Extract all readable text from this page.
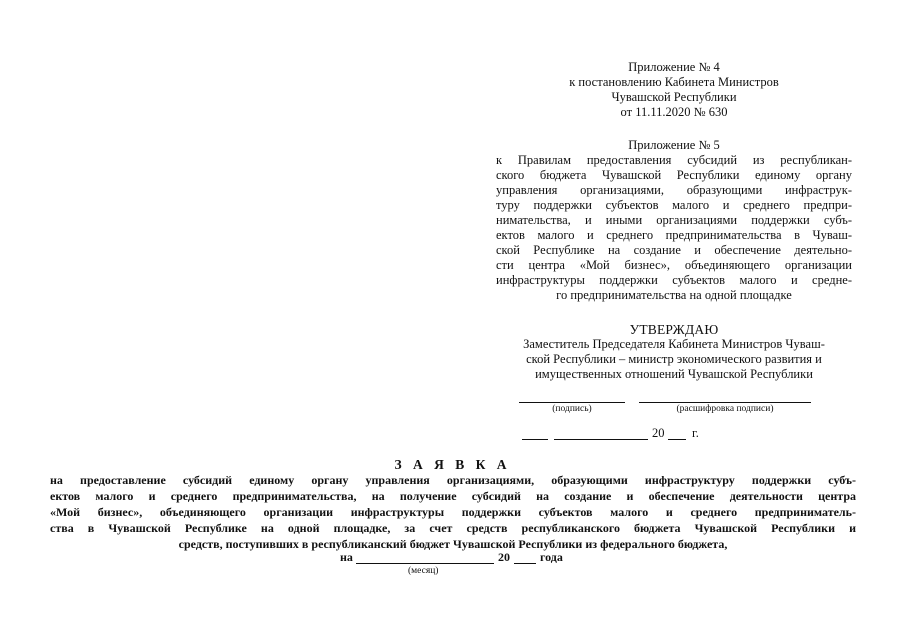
Приложение № 4
к постановлению Кабинета Министров
Чувашской Республики
от 11.11.2020 № 630
Приложение № 5
к Правилам предоставления субсидий из республикан-
ского бюджета Чувашской Республики единому органу
управления организациями, образующими инфраструк-
туру поддержки субъектов малого и среднего предпри-
нимательства, и иными организациями поддержки субъ-
ектов малого и среднего предпринимательства в Чуваш-
ской Республике на создание и обеспечение деятельно-
сти центра «Мой бизнес», объединяющего организации
инфраструктуры поддержки субъектов малого и средне-
го предпринимательства на одной площадке
УТВЕРЖДАЮ
Заместитель Председателя Кабинета Министров Чуваш-
ской Республики – министр экономического развития и
имущественных отношений Чувашской Республики
(подпись)	(расшифровка подписи)
20 г.
З А Я В К А
на предоставление субсидий единому органу управления организациями, образующими инфраструктуру поддержки субъ-
ектов малого и среднего предпринимательства, на получение субсидий на создание и обеспечение деятельности центра
«Мой бизнес», объединяющего организации инфраструктуры поддержки субъектов малого и среднего предприниматель-
ства в Чувашской Республике на одной площадке, за счет средств республиканского бюджета Чувашской Республики и
средств, поступивших в республиканский бюджет Чувашской Республики из федерального бюджета,
на	20	года
(месяц)
